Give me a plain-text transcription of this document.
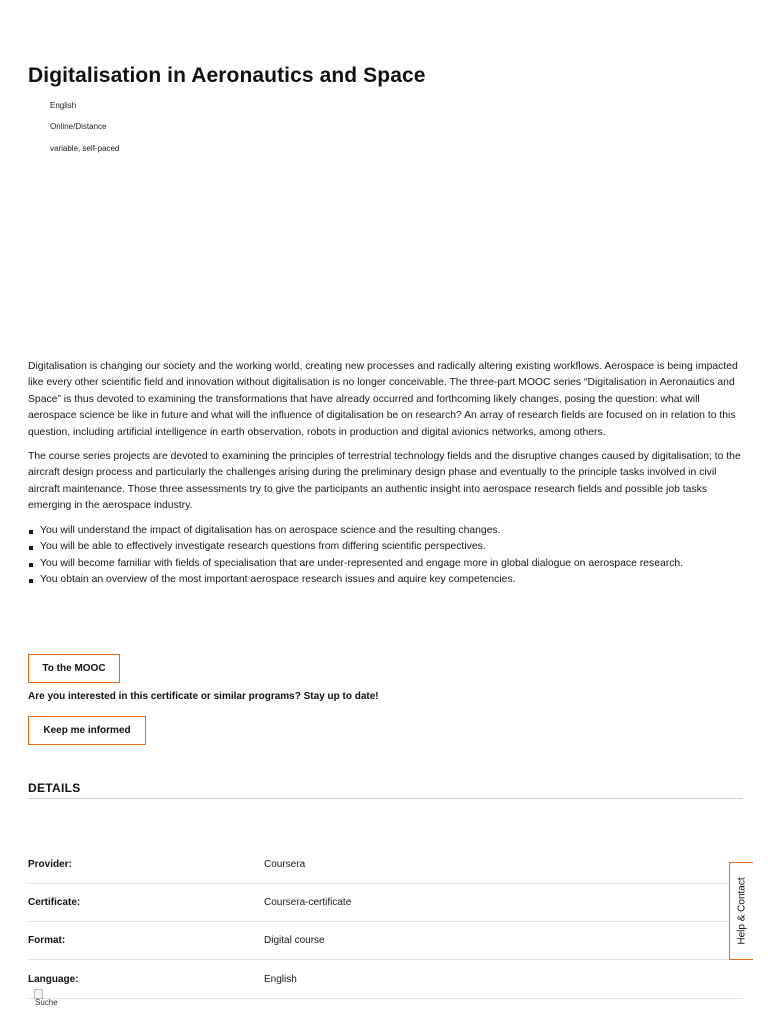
Digitalisation in Aeronautics and Space
English
Online/Distance
variable, self-paced

Digitalisation is changing our society and the working world, creating new processes and radically altering existing workflows. Aerospace is being impacted like every other scientific field and innovation without digitalisation is no longer conceivable. The three-part MOOC series “Digitalisation in Aeronautics and Space” is thus devoted to examining the transformations that have already occurred and forthcoming likely changes, posing the question: what will aerospace science be like in future and what will the influence of digitalisation be on research? An array of research fields are focused on in relation to this question, including artificial intelligence in earth observation, robots in production and digital avionics networks, among others.

The course series projects are devoted to examining the principles of terrestrial technology fields and the disruptive changes caused by digitalisation; to the aircraft design process and particularly the challenges arising during the preliminary design phase and eventually to the principle tasks involved in civil aircraft maintenance. Those three assessments try to give the participants an authentic insight into aerospace research fields and possible job tasks emerging in the aerospace industry.

You will understand the impact of digitalisation has on aerospace science and the resulting changes.
You will be able to effectively investigate research questions from differing scientific perspectives.
You will become familiar with fields of specialisation that are under-represented and engage more in global dialogue on aerospace research.
You obtain an overview of the most important aerospace research issues and aquire key competencies.
To the MOOC
Are you interested in this certificate or similar programs? Stay up to date!
Keep me informed
DETAILS
Provider:	Coursera
Certificate:	Coursera-certificate
Format:	Digital course
Language:	English
Help & Contact
Suche
